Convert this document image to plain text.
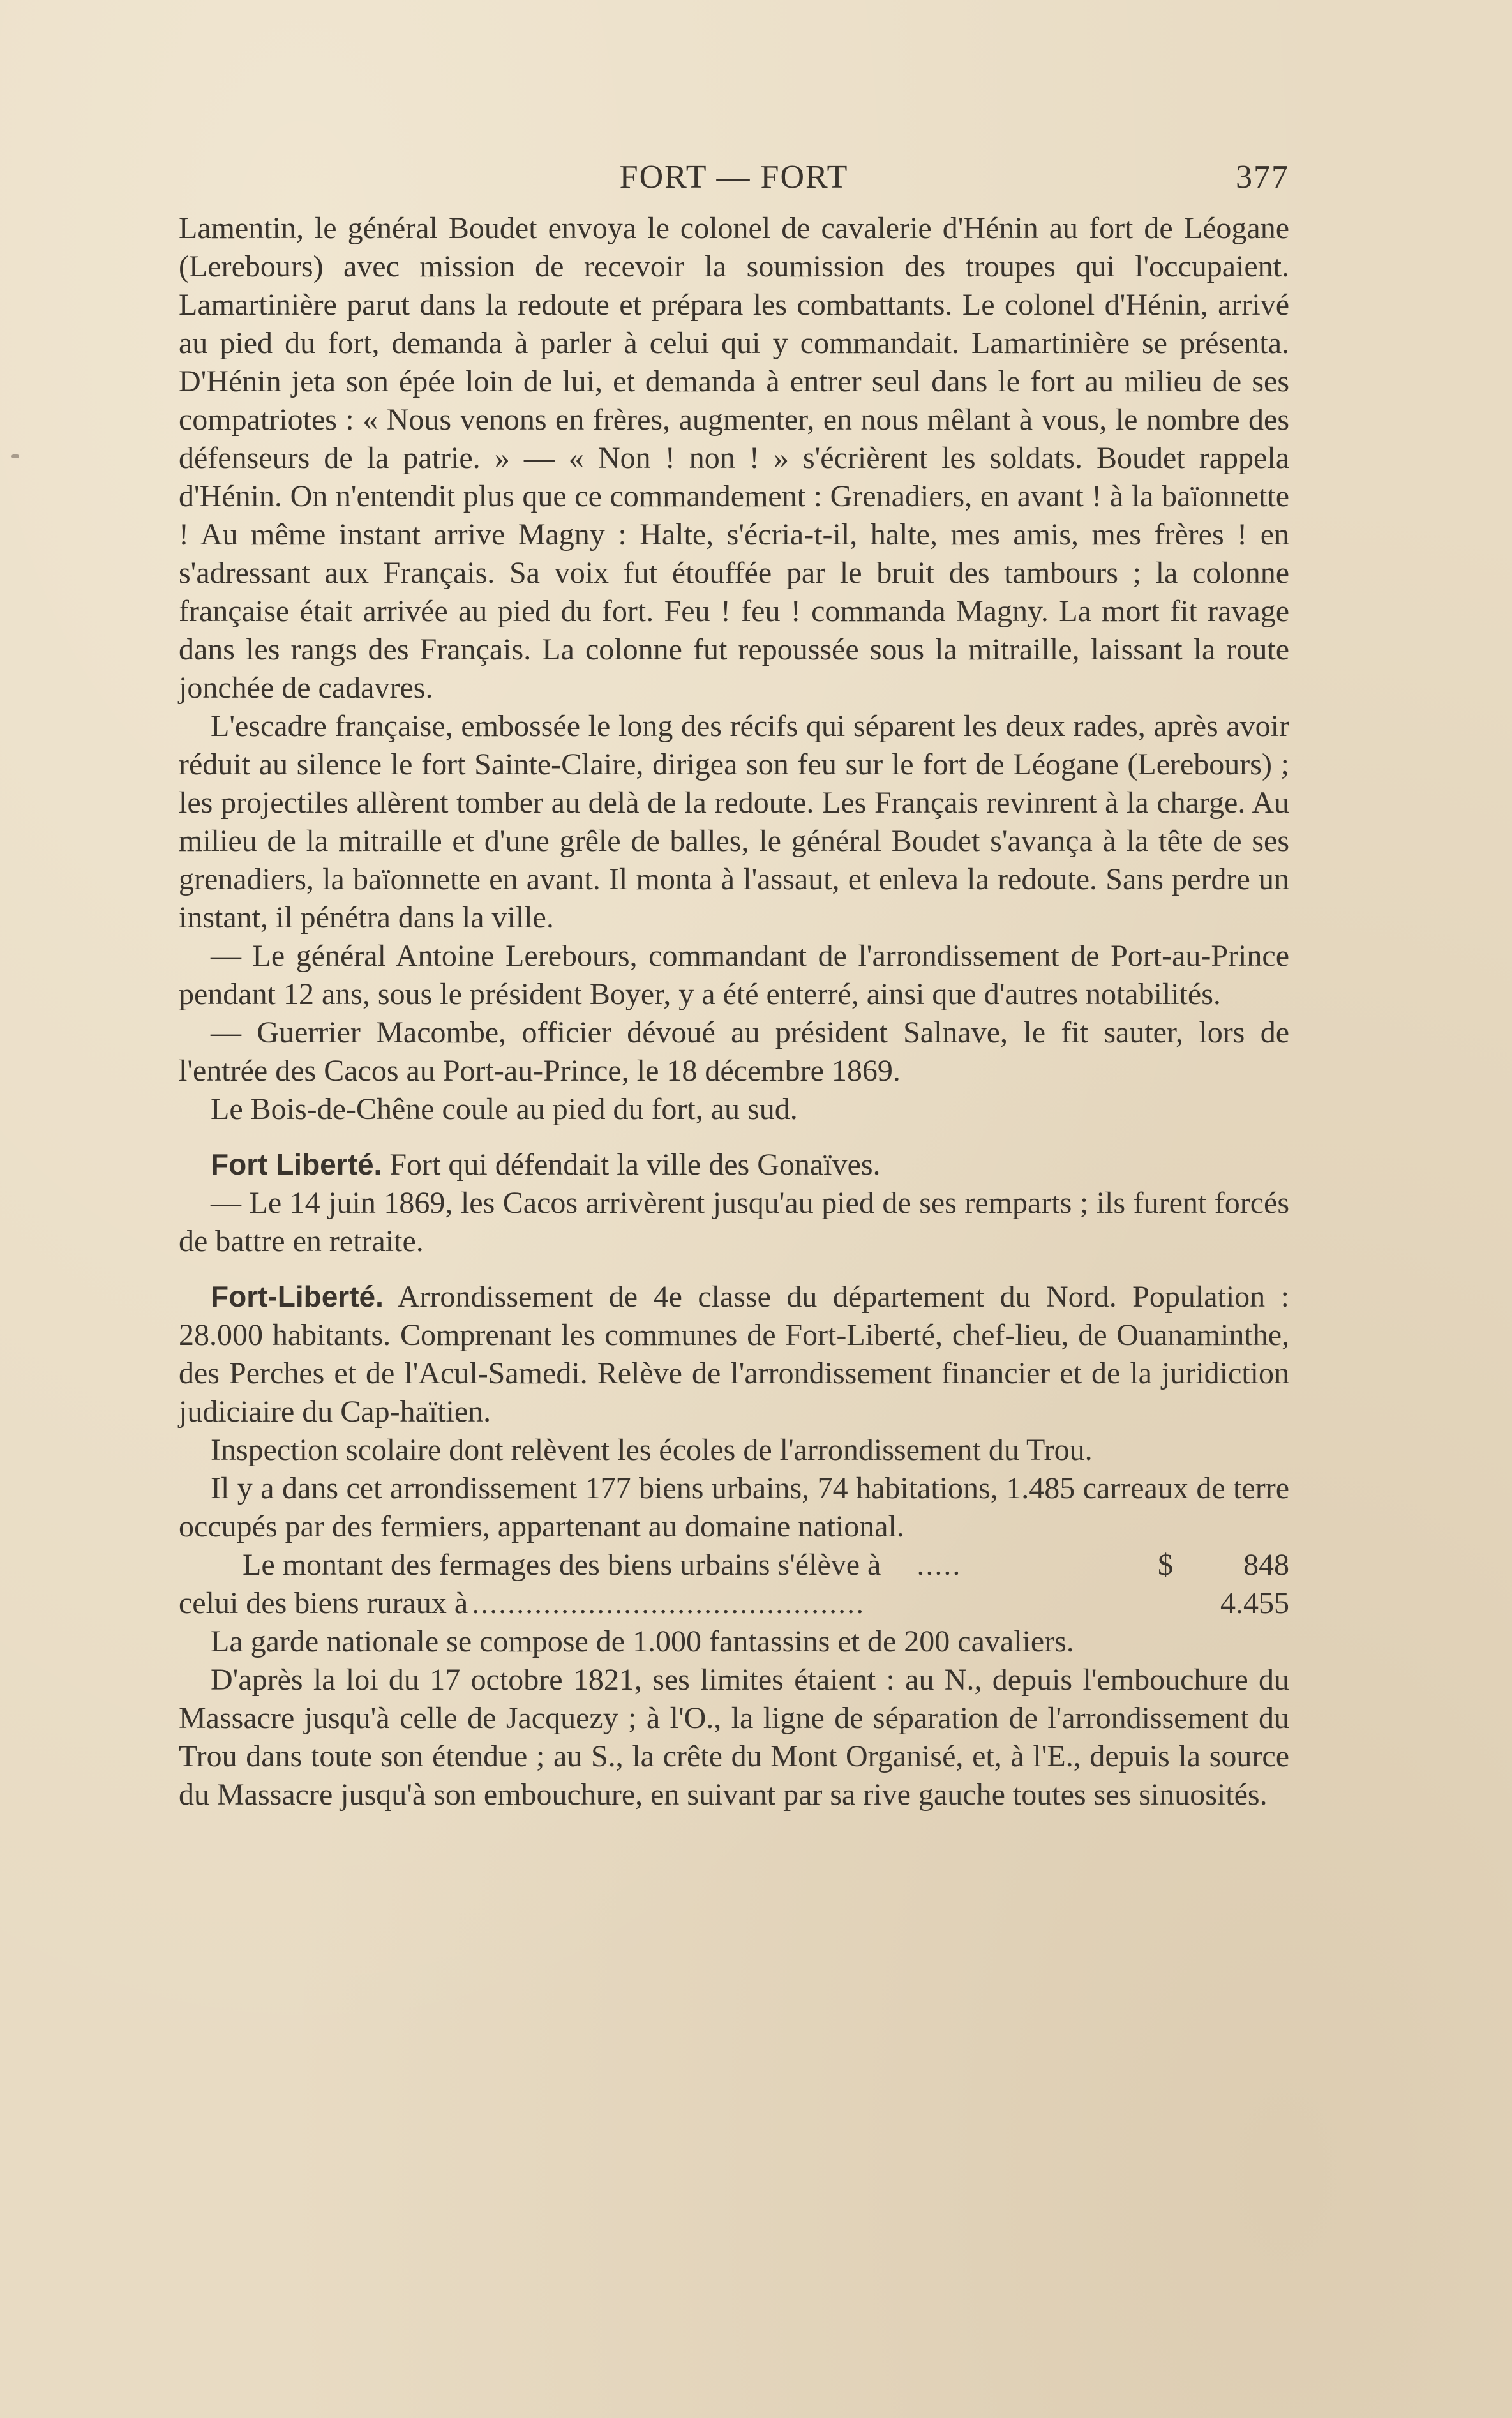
FORT — FORT	377

Lamentin, le général Boudet envoya le colonel de cavalerie d'Hénin au fort de Léogane (Lerebours) avec mission de recevoir la soumission des troupes qui l'occupaient. Lamartinière parut dans la redoute et prépara les combattants. Le colonel d'Hénin, arrivé au pied du fort, demanda à parler à celui qui y commandait. Lamartinière se présenta. D'Hénin jeta son épée loin de lui, et demanda à entrer seul dans le fort au milieu de ses compatriotes : « Nous venons en frères, augmenter, en nous mêlant à vous, le nombre des défenseurs de la patrie. » — « Non ! non ! » s'écrièrent les soldats. Boudet rappela d'Hénin. On n'entendit plus que ce commandement : Grenadiers, en avant ! à la baïonnette ! Au même instant arrive Magny : Halte, s'écria-t-il, halte, mes amis, mes frères ! en s'adressant aux Français. Sa voix fut étouffée par le bruit des tambours ; la colonne française était arrivée au pied du fort. Feu ! feu ! commanda Magny. La mort fit ravage dans les rangs des Français. La colonne fut repoussée sous la mitraille, laissant la route jonchée de cadavres.

L'escadre française, embossée le long des récifs qui séparent les deux rades, après avoir réduit au silence le fort Sainte-Claire, dirigea son feu sur le fort de Léogane (Lerebours) ; les projectiles allèrent tomber au delà de la redoute. Les Français revinrent à la charge. Au milieu de la mitraille et d'une grêle de balles, le général Boudet s'avança à la tête de ses grenadiers, la baïonnette en avant. Il monta à l'assaut, et enleva la redoute. Sans perdre un instant, il pénétra dans la ville.

— Le général Antoine Lerebours, commandant de l'arrondissement de Port-au-Prince pendant 12 ans, sous le président Boyer, y a été enterré, ainsi que d'autres notabilités.

— Guerrier Macombe, officier dévoué au président Salnave, le fit sauter, lors de l'entrée des Cacos au Port-au-Prince, le 18 décembre 1869.

Le Bois-de-Chêne coule au pied du fort, au sud.

Fort Liberté. Fort qui défendait la ville des Gonaïves.

— Le 14 juin 1869, les Cacos arrivèrent jusqu'au pied de ses remparts ; ils furent forcés de battre en retraite.

Fort-Liberté. Arrondissement de 4e classe du département du Nord. Population : 28.000 habitants. Comprenant les communes de Fort-Liberté, chef-lieu, de Ouanaminthe, des Perches et de l'Acul-Samedi. Relève de l'arrondissement financier et de la juridiction judiciaire du Cap-haïtien.

Inspection scolaire dont relèvent les écoles de l'arrondissement du Trou.

Il y a dans cet arrondissement 177 biens urbains, 74 habitations, 1.485 carreaux de terre occupés par des fermiers, appartenant au domaine national.

Le montant des fermages des biens urbains s'élève à	.....	$	848
celui des biens ruraux à ............................................	4.455

La garde nationale se compose de 1.000 fantassins et de 200 cavaliers.

D'après la loi du 17 octobre 1821, ses limites étaient : au N., depuis l'embouchure du Massacre jusqu'à celle de Jacquezy ; à l'O., la ligne de séparation de l'arrondissement du Trou dans toute son étendue ; au S., la crête du Mont Organisé, et, à l'E., depuis la source du Massacre jusqu'à son embouchure, en suivant par sa rive gauche toutes ses sinuosités.
